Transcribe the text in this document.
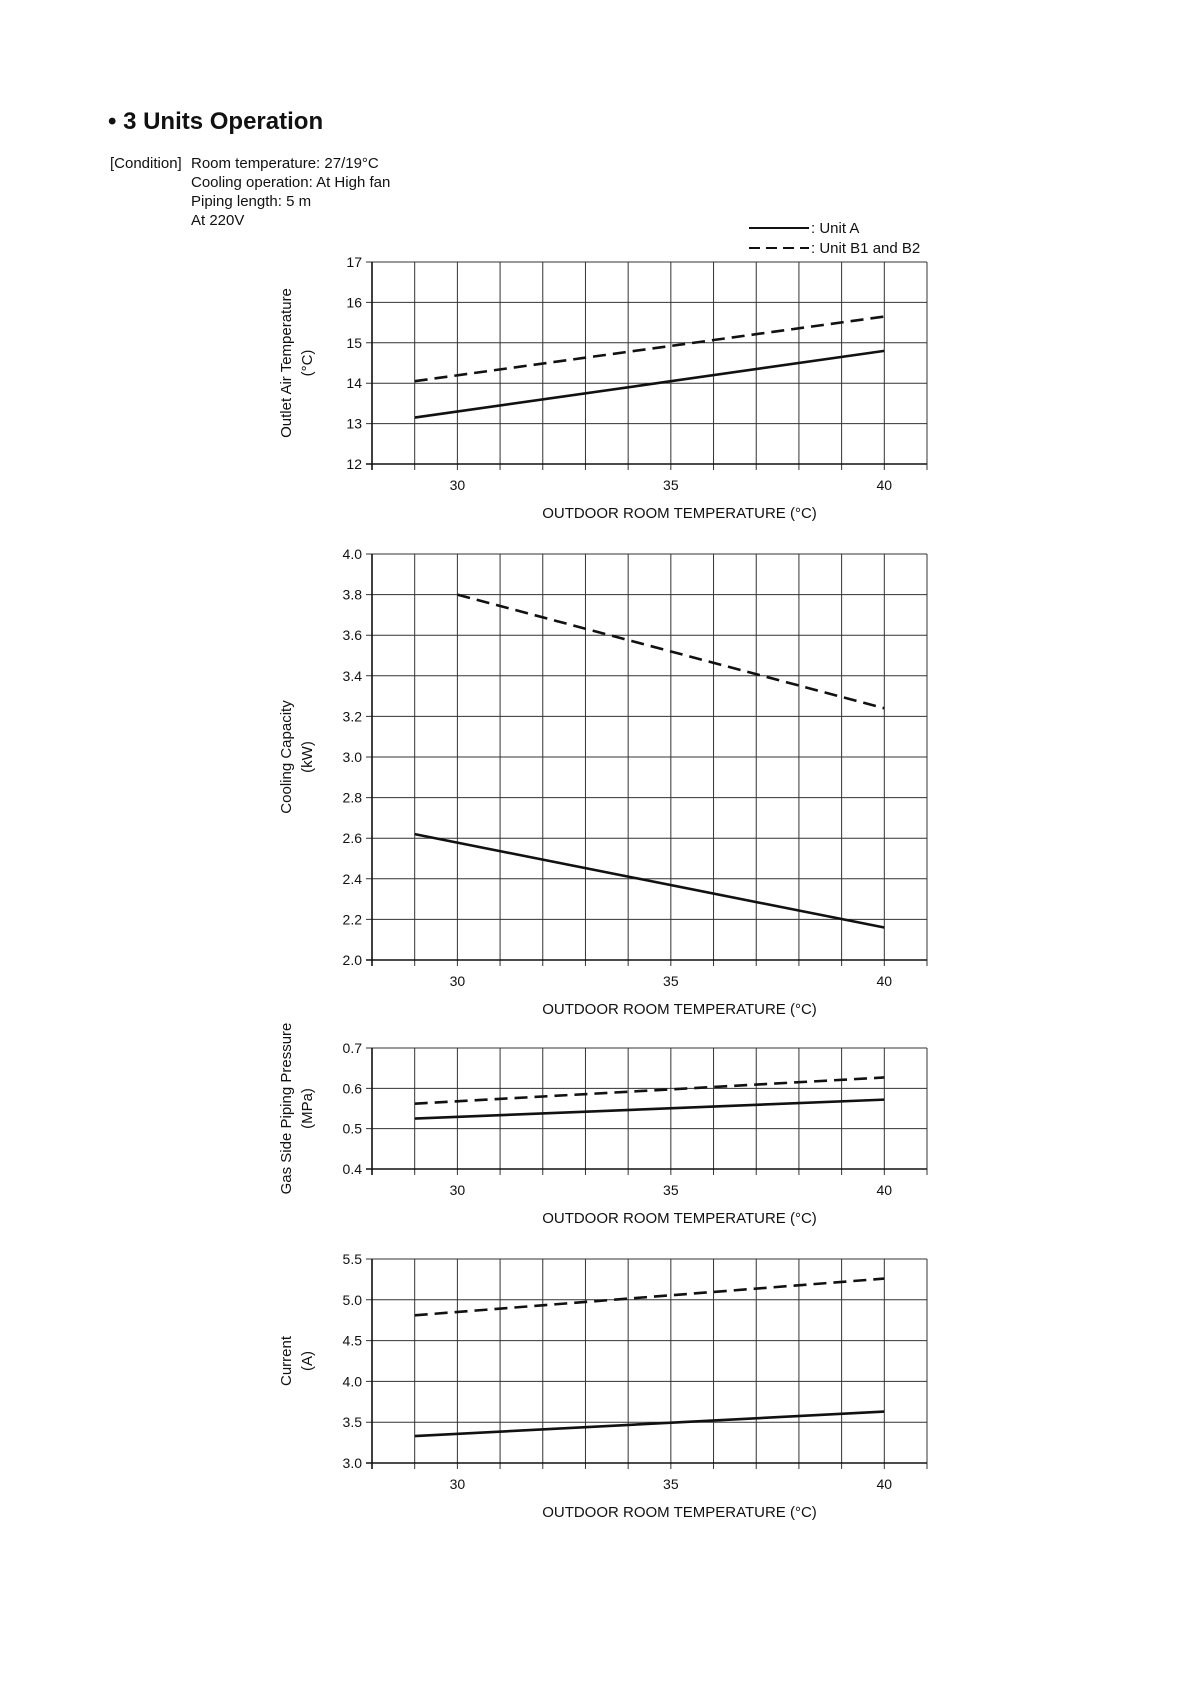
• 3 Units Operation
[Condition] Room temperature: 27/19°C
Cooling operation: At High fan
Piping length: 5 m
At 220V	: Unit A
: Unit B1 and B2
12
13
14
15
16
17
30	35	40
OUTDOOR ROOM TEMPERATURE (°C)
Outlet Air Temperature (°C)
2.0
2.2
2.4
2.6
2.8
3.0
3.2
3.4
3.6
3.8
4.0
30	35	40
OUTDOOR ROOM TEMPERATURE (°C)
Cooling Capacity (kW)
0.4
0.5
0.6
0.7
30	35	40
OUTDOOR ROOM TEMPERATURE (°C)
Gas Side Piping Pressure (MPa)
3.0
3.5
4.0
4.5
5.0
5.5
30	35	40
OUTDOOR ROOM TEMPERATURE (°C)
Current (A)
